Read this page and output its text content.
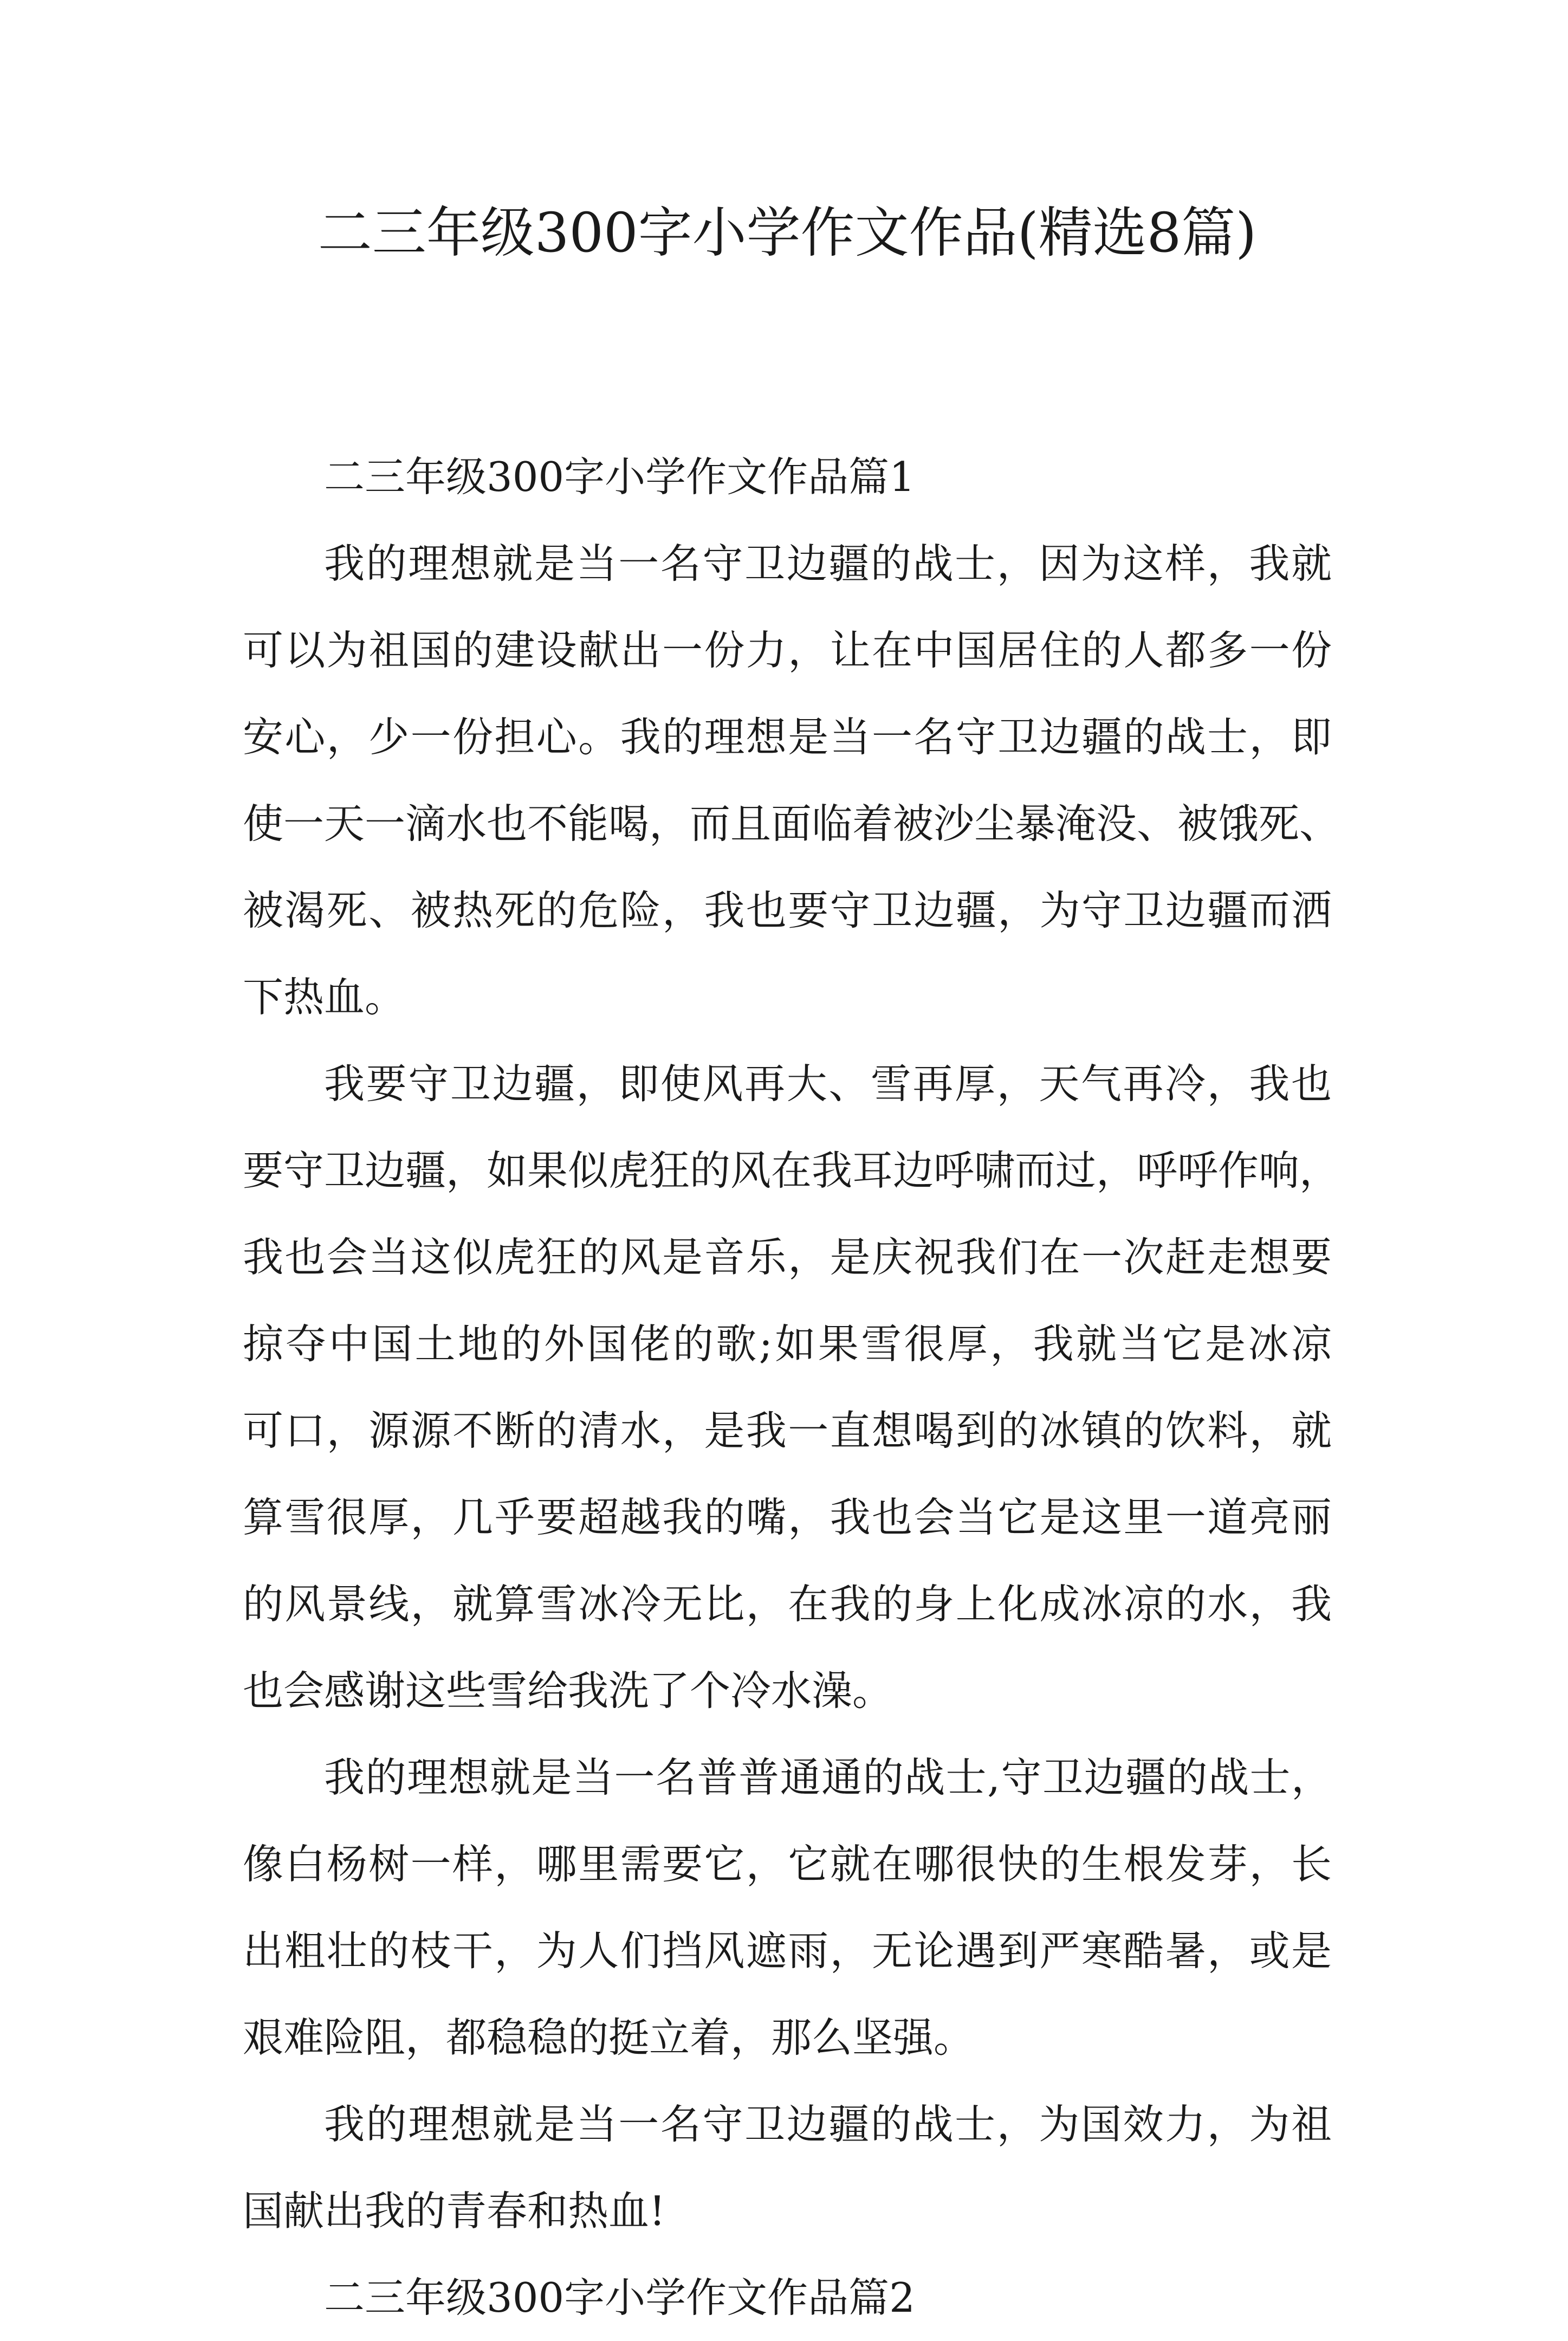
二三年级300字小学作文作品(精选8篇)
二三年级300字小学作文作品篇1
我的理想就是当一名守卫边疆的战士，因为这样，我就
可以为祖国的建设献出一份力，让在中国居住的人都多一份
安心，少一份担心。我的理想是当一名守卫边疆的战士，即
使一天一滴水也不能喝，而且面临着被沙尘暴淹没、被饿死、
被渴死、被热死的危险，我也要守卫边疆，为守卫边疆而洒
下热血。
我要守卫边疆，即使风再大、雪再厚，天气再冷，我也
要守卫边疆，如果似虎狂的风在我耳边呼啸而过，呼呼作响，
我也会当这似虎狂的风是音乐，是庆祝我们在一次赶走想要
掠夺中国土地的外国佬的歌;如果雪很厚，我就当它是冰凉
可口，源源不断的清水，是我一直想喝到的冰镇的饮料，就
算雪很厚，几乎要超越我的嘴，我也会当它是这里一道亮丽
的风景线，就算雪冰冷无比，在我的身上化成冰凉的水，我
也会感谢这些雪给我洗了个冷水澡。
我的理想就是当一名普普通通的战士,守卫边疆的战士，
像白杨树一样，哪里需要它，它就在哪很快的生根发芽，长
出粗壮的枝干，为人们挡风遮雨，无论遇到严寒酷暑，或是
艰难险阻，都稳稳的挺立着，那么坚强。
我的理想就是当一名守卫边疆的战士，为国效力，为祖
国献出我的青春和热血!
二三年级300字小学作文作品篇2
